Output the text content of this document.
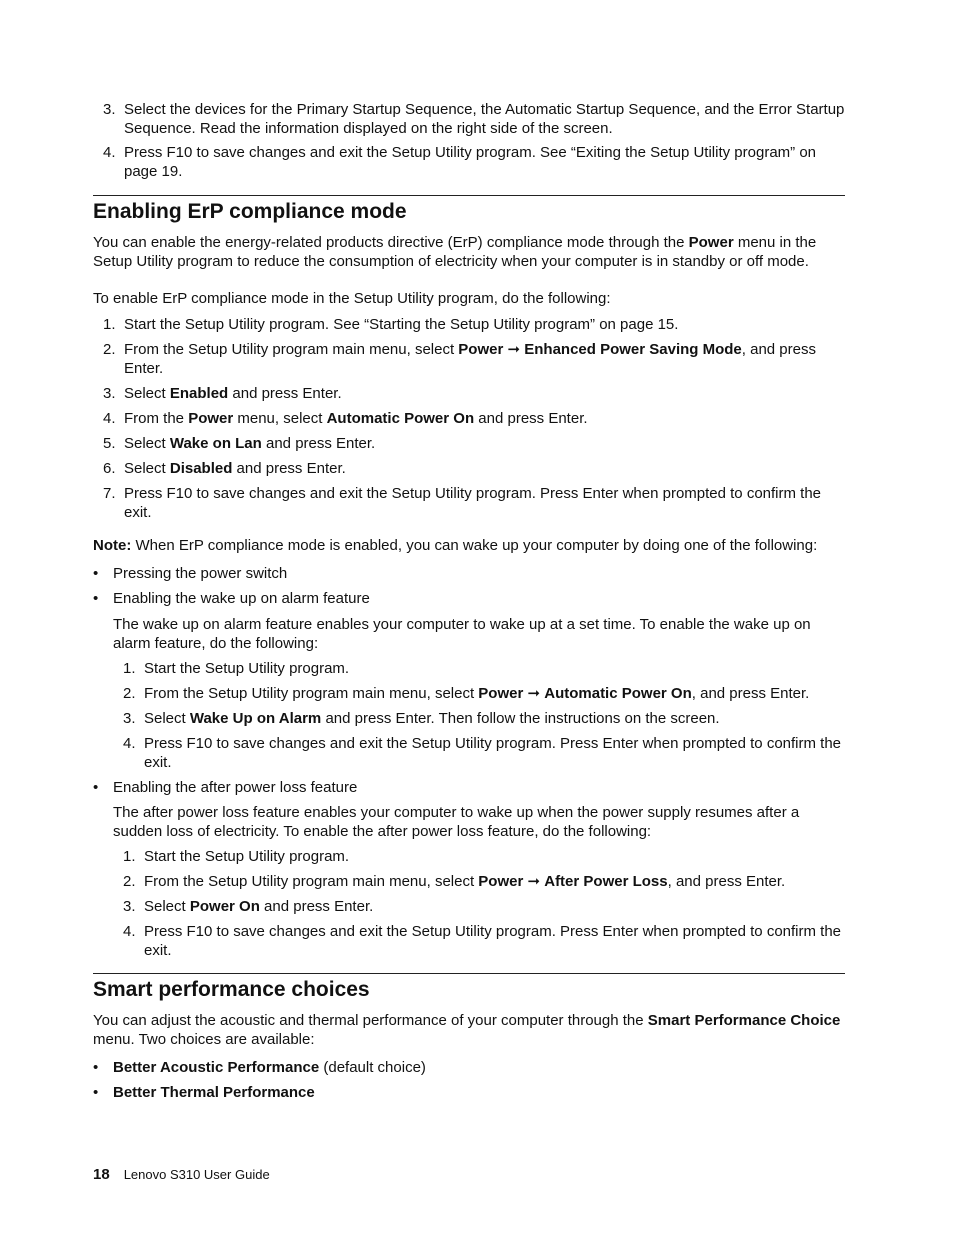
3. Select the devices for the Primary Startup Sequence, the Automatic Startup Sequence, and the Error Startup Sequence. Read the information displayed on the right side of the screen.
4. Press F10 to save changes and exit the Setup Utility program. See “Exiting the Setup Utility program” on page 19.
Enabling ErP compliance mode

You can enable the energy-related products directive (ErP) compliance mode through the Power menu in the Setup Utility program to reduce the consumption of electricity when your computer is in standby or off mode.

To enable ErP compliance mode in the Setup Utility program, do the following:

1. Start the Setup Utility program. See “Starting the Setup Utility program” on page 15.
2. From the Setup Utility program main menu, select Power ➞ Enhanced Power Saving Mode, and press Enter.
3. Select Enabled and press Enter.
4. From the Power menu, select Automatic Power On and press Enter.
5. Select Wake on Lan and press Enter.
6. Select Disabled and press Enter.
7. Press F10 to save changes and exit the Setup Utility program. Press Enter when prompted to confirm the exit.

Note: When ErP compliance mode is enabled, you can wake up your computer by doing one of the following:

• Pressing the power switch
• Enabling the wake up on alarm feature

The wake up on alarm feature enables your computer to wake up at a set time. To enable the wake up on alarm feature, do the following:

1. Start the Setup Utility program.
2. From the Setup Utility program main menu, select Power ➞ Automatic Power On, and press Enter.
3. Select Wake Up on Alarm and press Enter. Then follow the instructions on the screen.
4. Press F10 to save changes and exit the Setup Utility program. Press Enter when prompted to confirm the exit.
• Enabling the after power loss feature

The after power loss feature enables your computer to wake up when the power supply resumes after a sudden loss of electricity. To enable the after power loss feature, do the following:

1. Start the Setup Utility program.
2. From the Setup Utility program main menu, select Power ➞ After Power Loss, and press Enter.
3. Select Power On and press Enter.
4. Press F10 to save changes and exit the Setup Utility program. Press Enter when prompted to confirm the exit.
Smart performance choices

You can adjust the acoustic and thermal performance of your computer through the Smart Performance Choice menu. Two choices are available:

• Better Acoustic Performance (default choice)
• Better Thermal Performance
18 Lenovo S310 User Guide
